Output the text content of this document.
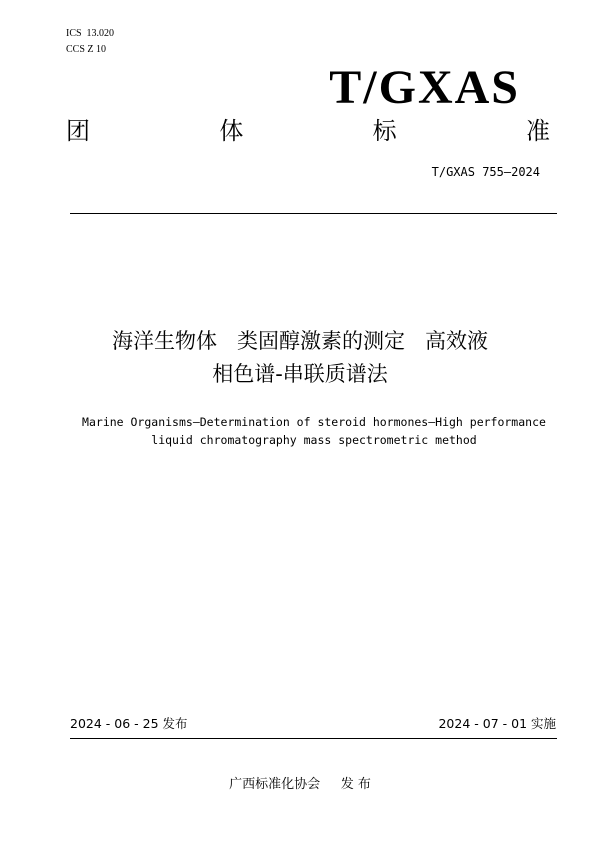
ICS  13.020
CCS Z 10
T/GXAS
团	体	标	准
T/GXAS 755—2024
海洋生物体   类固醇激素的测定   高效液
相色谱-串联质谱法
Marine Organisms—Determination of steroid hormones—High performance
liquid chromatography mass spectrometric method
2024 - 06 - 25 发布	2024 - 07 - 01 实施
广西标准化协会     发 布
